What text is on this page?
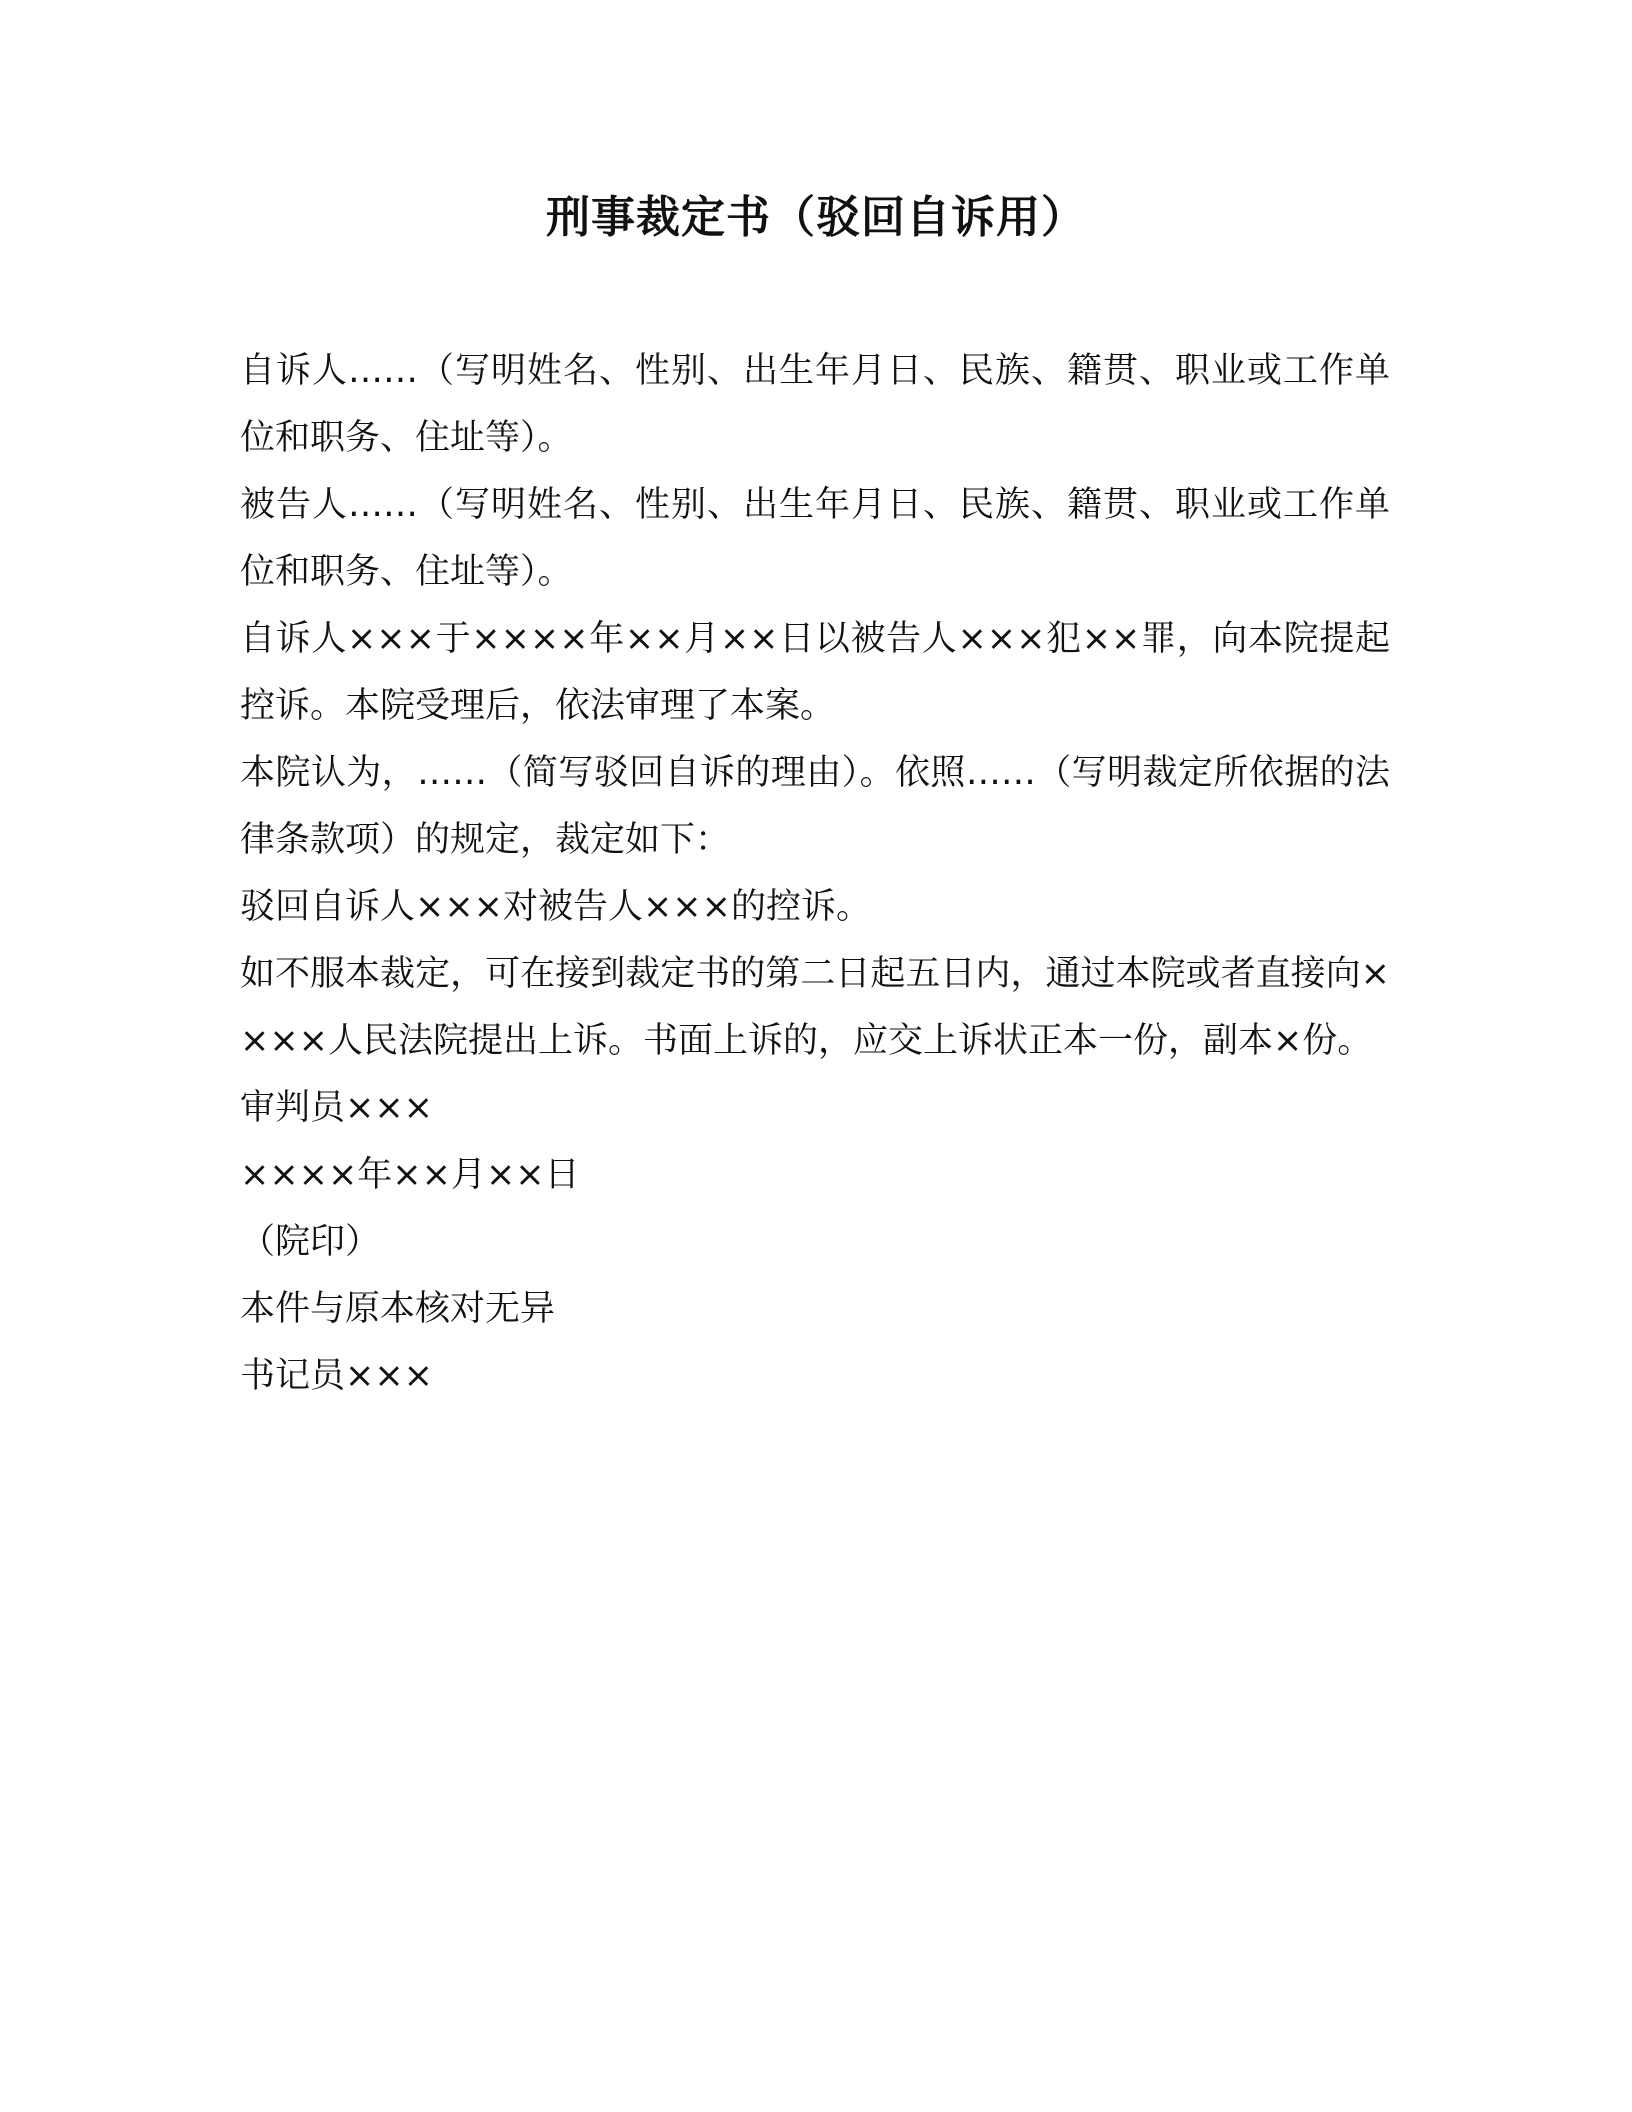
刑事裁定书（驳回自诉用）

自诉人……（写明姓名、性别、出生年月日、民族、籍贯、职业或工作单位和职务、住址等）。

被告人……（写明姓名、性别、出生年月日、民族、籍贯、职业或工作单位和职务、住址等）。

自诉人×××于××××年××月××日以被告人×××犯××罪，向本院提起控诉。本院受理后，依法审理了本案。

本院认为，……（简写驳回自诉的理由）。依照……（写明裁定所依据的法律条款项）的规定，裁定如下：

驳回自诉人×××对被告人×××的控诉。

如不服本裁定，可在接到裁定书的第二日起五日内，通过本院或者直接向××××人民法院提出上诉。书面上诉的，应交上诉状正本一份，副本×份。

审判员×××

××××年××月××日

（院印）

本件与原本核对无异

书记员×××
